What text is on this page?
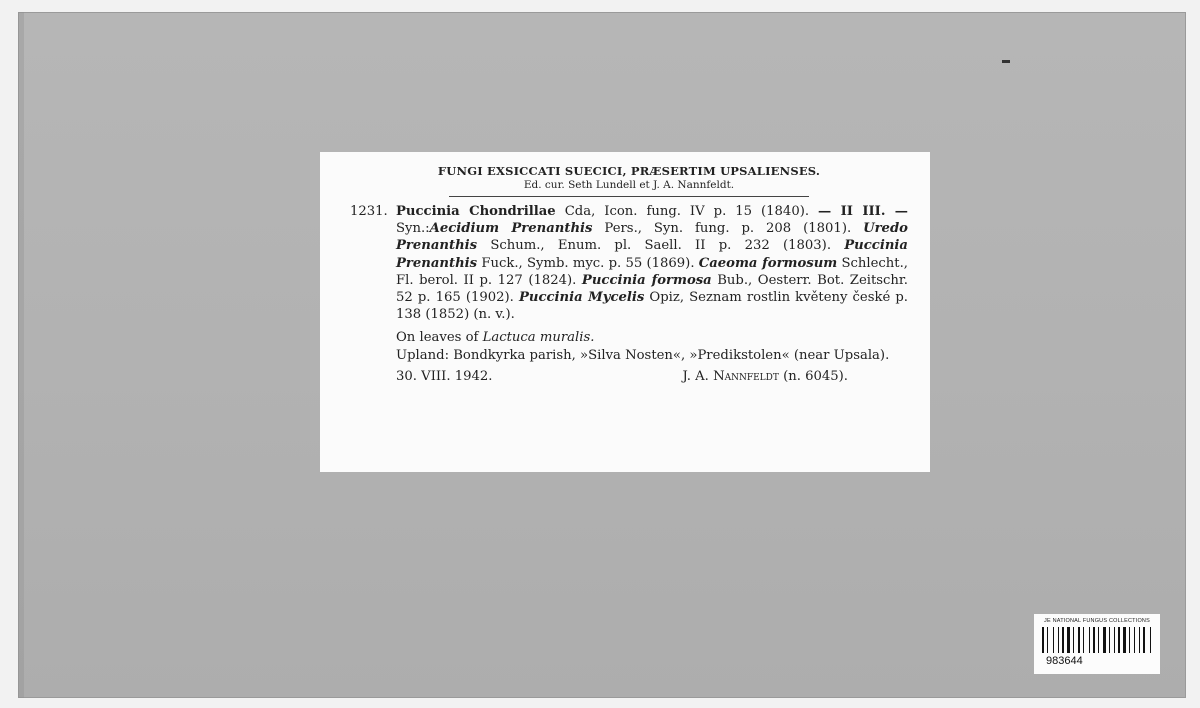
FUNGI EXSICCATI SUECICI, PRÆSERTIM UPSALIENSES.

Ed. cur. Seth Lundell et J. A. Nannfeldt.

1231. Puccinia Chondrillae Cda, Icon. fung. IV p. 15 (1840). — II III. — Syn.:Aecidium Prenanthis Pers., Syn. fung. p. 208 (1801). Uredo Prenanthis Schum., Enum. pl. Saell. II p. 232 (1803). Puccinia Prenanthis Fuck., Symb. myc. p. 55 (1869). Caeoma formosum Schlecht., Fl. berol. II p. 127 (1824). Puccinia formosa Bub., Oesterr. Bot. Zeitschr. 52 p. 165 (1902). Puccinia Mycelis Opiz, Seznam rostlin květeny české p. 138 (1852) (n. v.).

On leaves of Lactuca muralis.

Upland: Bondkyrka parish, »Silva Nosten«, »Predikstolen« (near Upsala).

30. VIII. 1942.	J. A. Nannfeldt (n. 6045).
JE NATIONAL FUNGUS COLLECTIONS
983644
